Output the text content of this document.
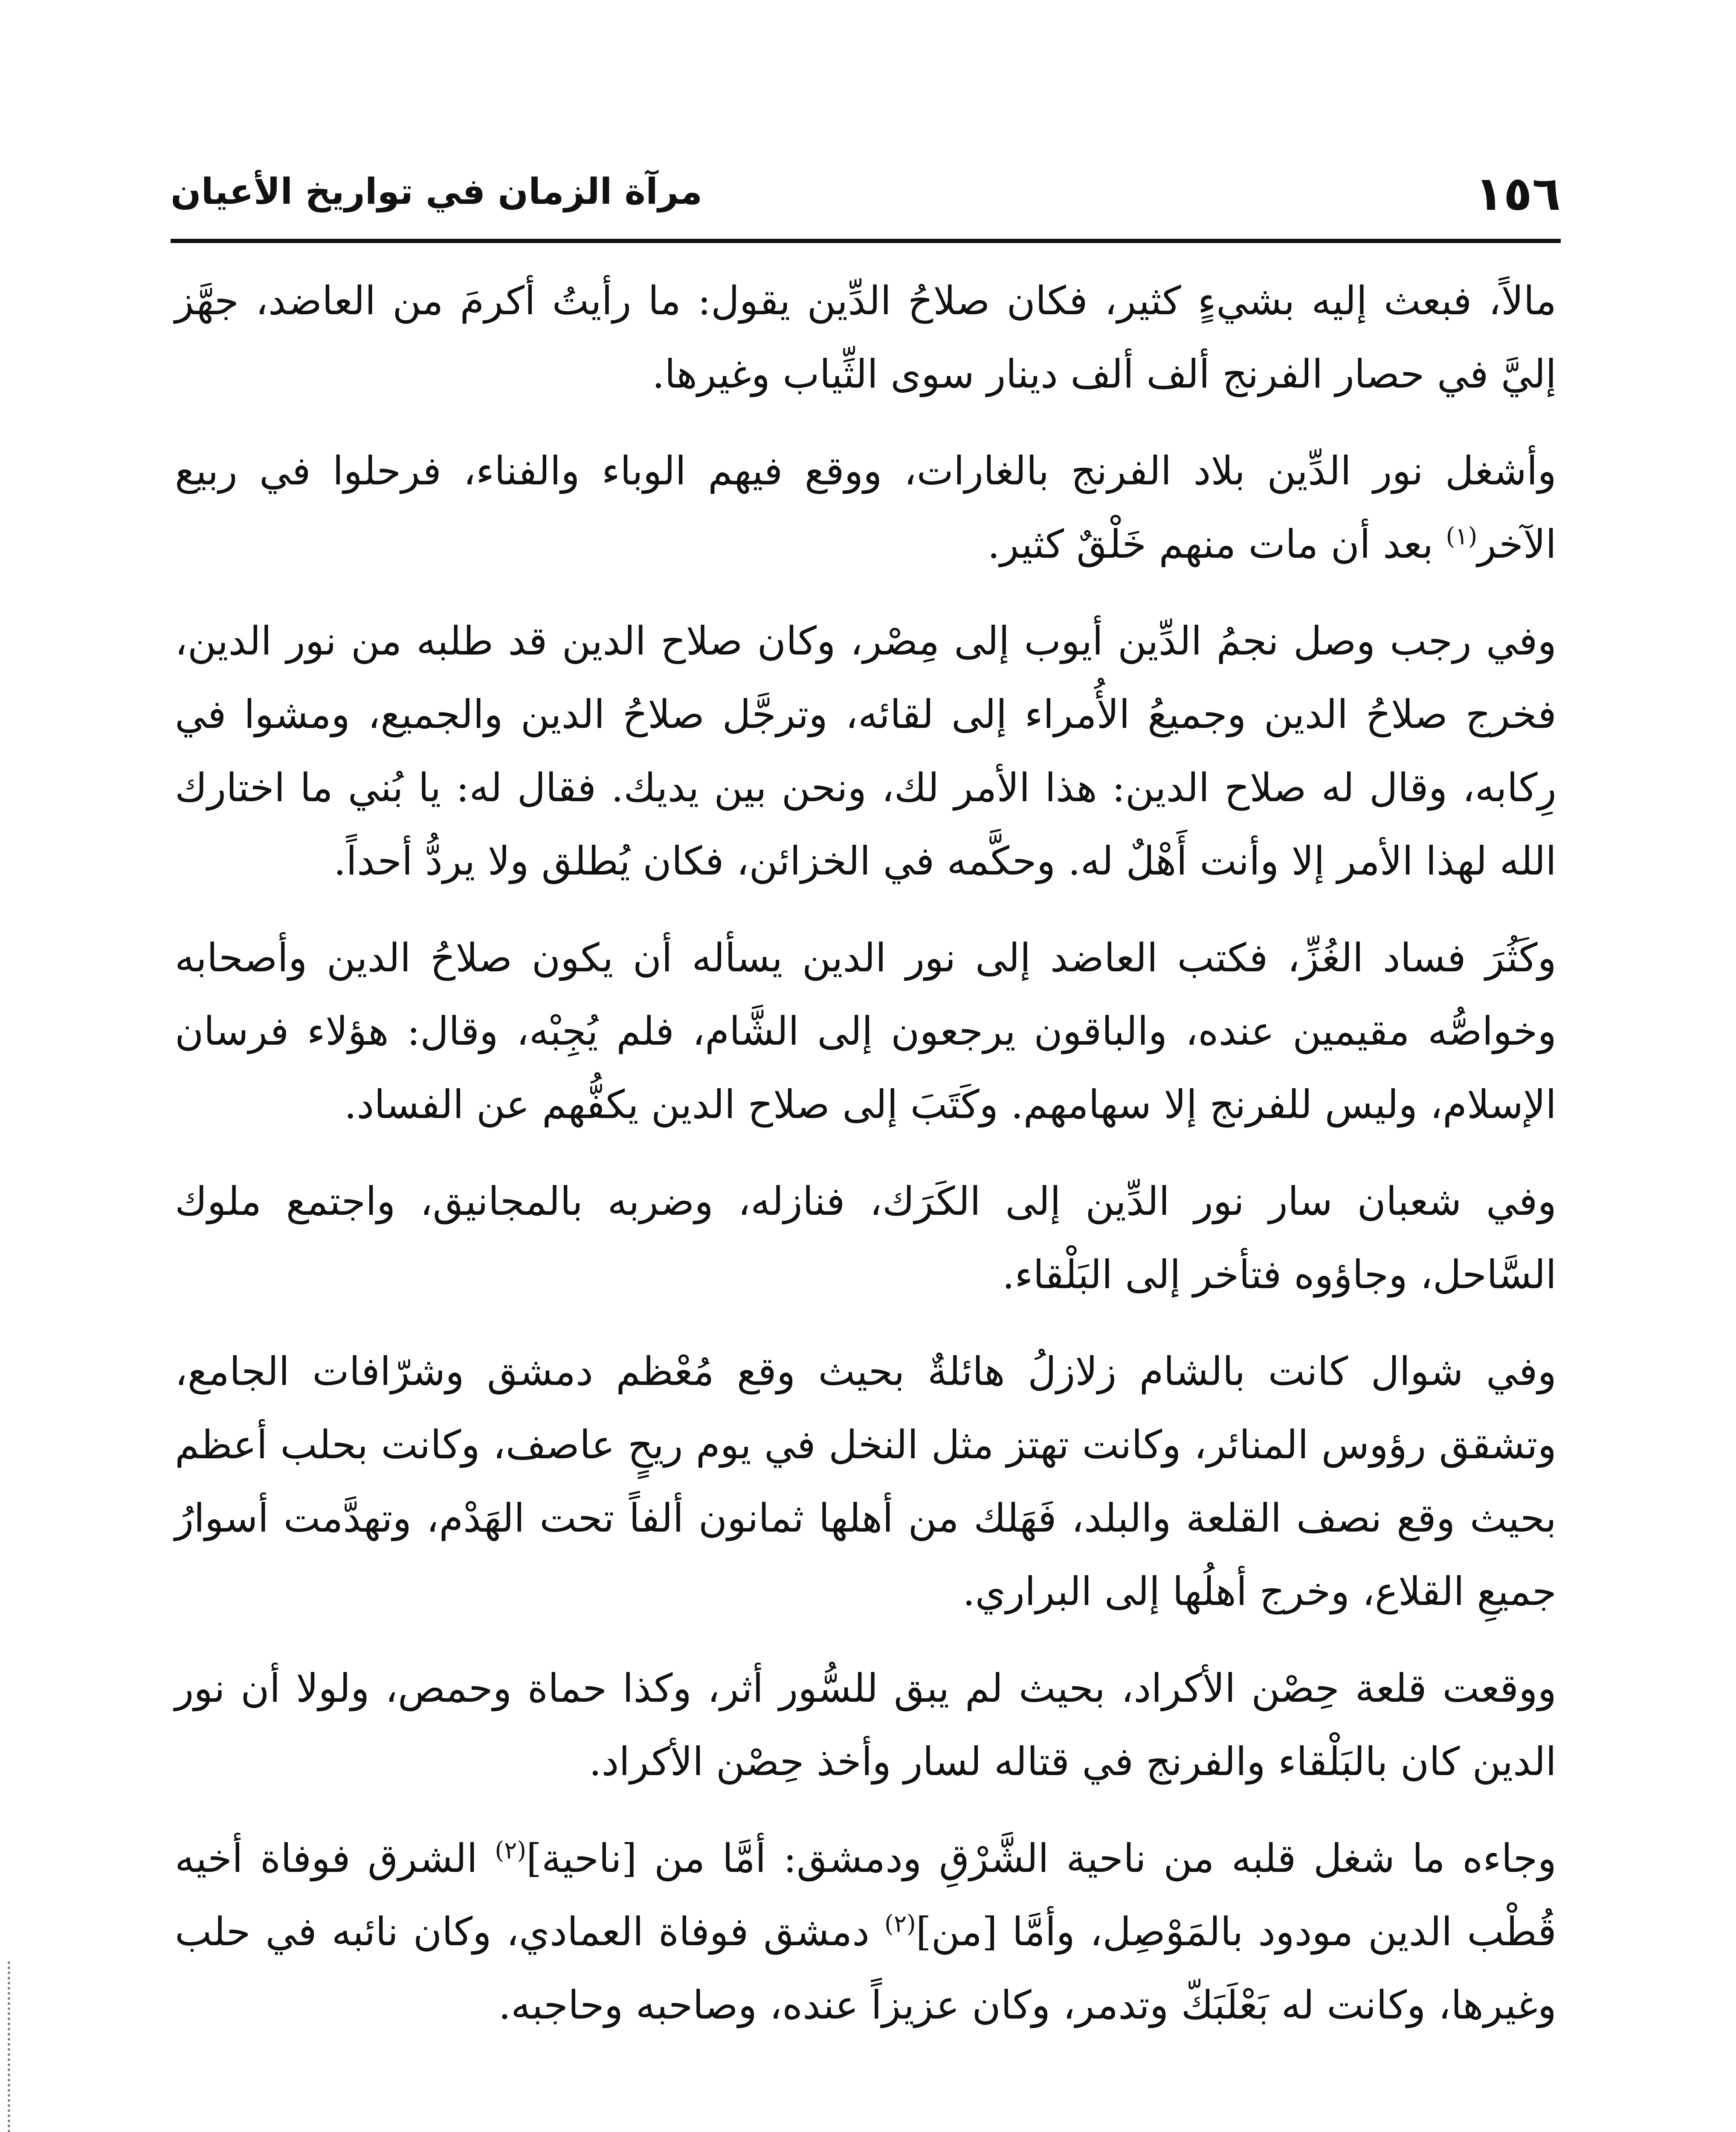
١٥٦
مرآة الزمان في تواريخ الأعيان

مالاً، فبعث إليه بشيءٍ كثير، فكان صلاحُ الدِّين يقول: ما رأيتُ أكرمَ من العاضد، جهَّز إليَّ في حصار الفرنج ألف ألف دينار سوى الثِّياب وغيرها.

وأشغل نور الدِّين بلاد الفرنج بالغارات، ووقع فيهم الوباء والفناء، فرحلوا في ربيع الآخر$^{(١)}$ بعد أن مات منهم خَلْقٌ كثير.

وفي رجب وصل نجمُ الدِّين أيوب إلى مِصْر، وكان صلاح الدين قد طلبه من نور الدين، فخرج صلاحُ الدين وجميعُ الأُمراء إلى لقائه، وترجَّل صلاحُ الدين والجميع، ومشوا في رِكابه، وقال له صلاح الدين: هذا الأمر لك، ونحن بين يديك. فقال له: يا بُني ما اختارك الله لهذا الأمر إلا وأنت أَهْلٌ له. وحكَّمه في الخزائن، فكان يُطلق ولا يردُّ أحداً.

وكَثُرَ فساد الغُزِّ، فكتب العاضد إلى نور الدين يسأله أن يكون صلاحُ الدين وأصحابه وخواصُّه مقيمين عنده، والباقون يرجعون إلى الشَّام، فلم يُجِبْه، وقال: هؤلاء فرسان الإسلام، وليس للفرنج إلا سهامهم. وكَتَبَ إلى صلاح الدين يكفُّهم عن الفساد.

وفي شعبان سار نور الدِّين إلى الكَرَك، فنازله، وضربه بالمجانيق، واجتمع ملوك السَّاحل، وجاؤوه فتأخر إلى البَلْقاء.

وفي شوال كانت بالشام زلازلُ هائلةٌ بحيث وقع مُعْظم دمشق وشرّافات الجامع، وتشقق رؤوس المنائر، وكانت تهتز مثل النخل في يوم ريحٍ عاصف، وكانت بحلب أعظم بحيث وقع نصف القلعة والبلد، فَهَلك من أهلها ثمانون ألفاً تحت الهَدْم، وتهدَّمت أسوارُ جميعِ القلاع، وخرج أهلُها إلى البراري.

ووقعت قلعة حِصْن الأكراد، بحيث لم يبق للسُّور أثر، وكذا حماة وحمص، ولولا أن نور الدين كان بالبَلْقاء والفرنج في قتاله لسار وأخذ حِصْن الأكراد.

وجاءه ما شغل قلبه من ناحية الشَّرْقِ ودمشق: أمَّا من [ناحية]$^{(٢)}$ الشرق فوفاة أخيه قُطْب الدين مودود بالمَوْصِل، وأمَّا [من]$^{(٢)}$ دمشق فوفاة العمادي، وكان نائبه في حلب وغيرها، وكانت له بَعْلَبَكّ وتدمر، وكان عزيزاً عنده، وصاحبه وحاجبه.
